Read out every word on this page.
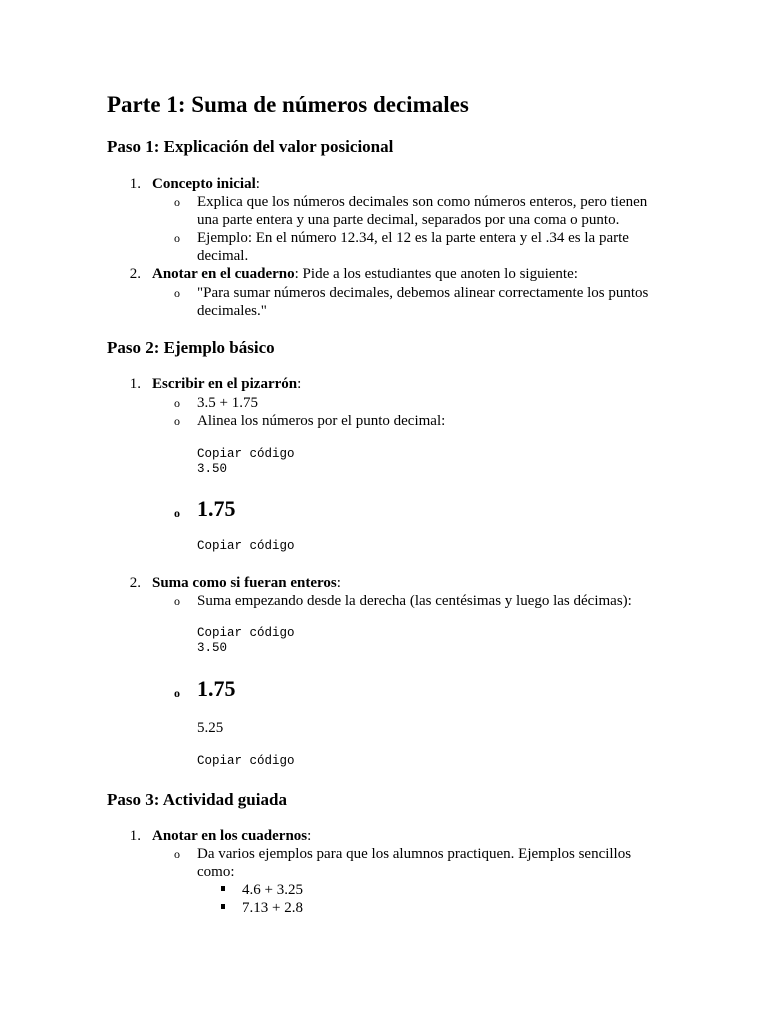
Parte 1: Suma de números decimales
Paso 1: Explicación del valor posicional
1. Concepto inicial:
o Explica que los números decimales son como números enteros, pero tienen
una parte entera y una parte decimal, separados por una coma o punto.
o Ejemplo: En el número 12.34, el 12 es la parte entera y el .34 es la parte
decimal.
2. Anotar en el cuaderno: Pide a los estudiantes que anoten lo siguiente:
o "Para sumar números decimales, debemos alinear correctamente los puntos
decimales."
Paso 2: Ejemplo básico
1. Escribir en el pizarrón:
o 3.5 + 1.75
o Alinea los números por el punto decimal:
Copiar código
3.50
o 1.75
Copiar código
2. Suma como si fueran enteros:
o Suma empezando desde la derecha (las centésimas y luego las décimas):
Copiar código
3.50
o 1.75
5.25
Copiar código
Paso 3: Actividad guiada
1. Anotar en los cuadernos:
o Da varios ejemplos para que los alumnos practiquen. Ejemplos sencillos
como:
4.6 + 3.25
7.13 + 2.8
